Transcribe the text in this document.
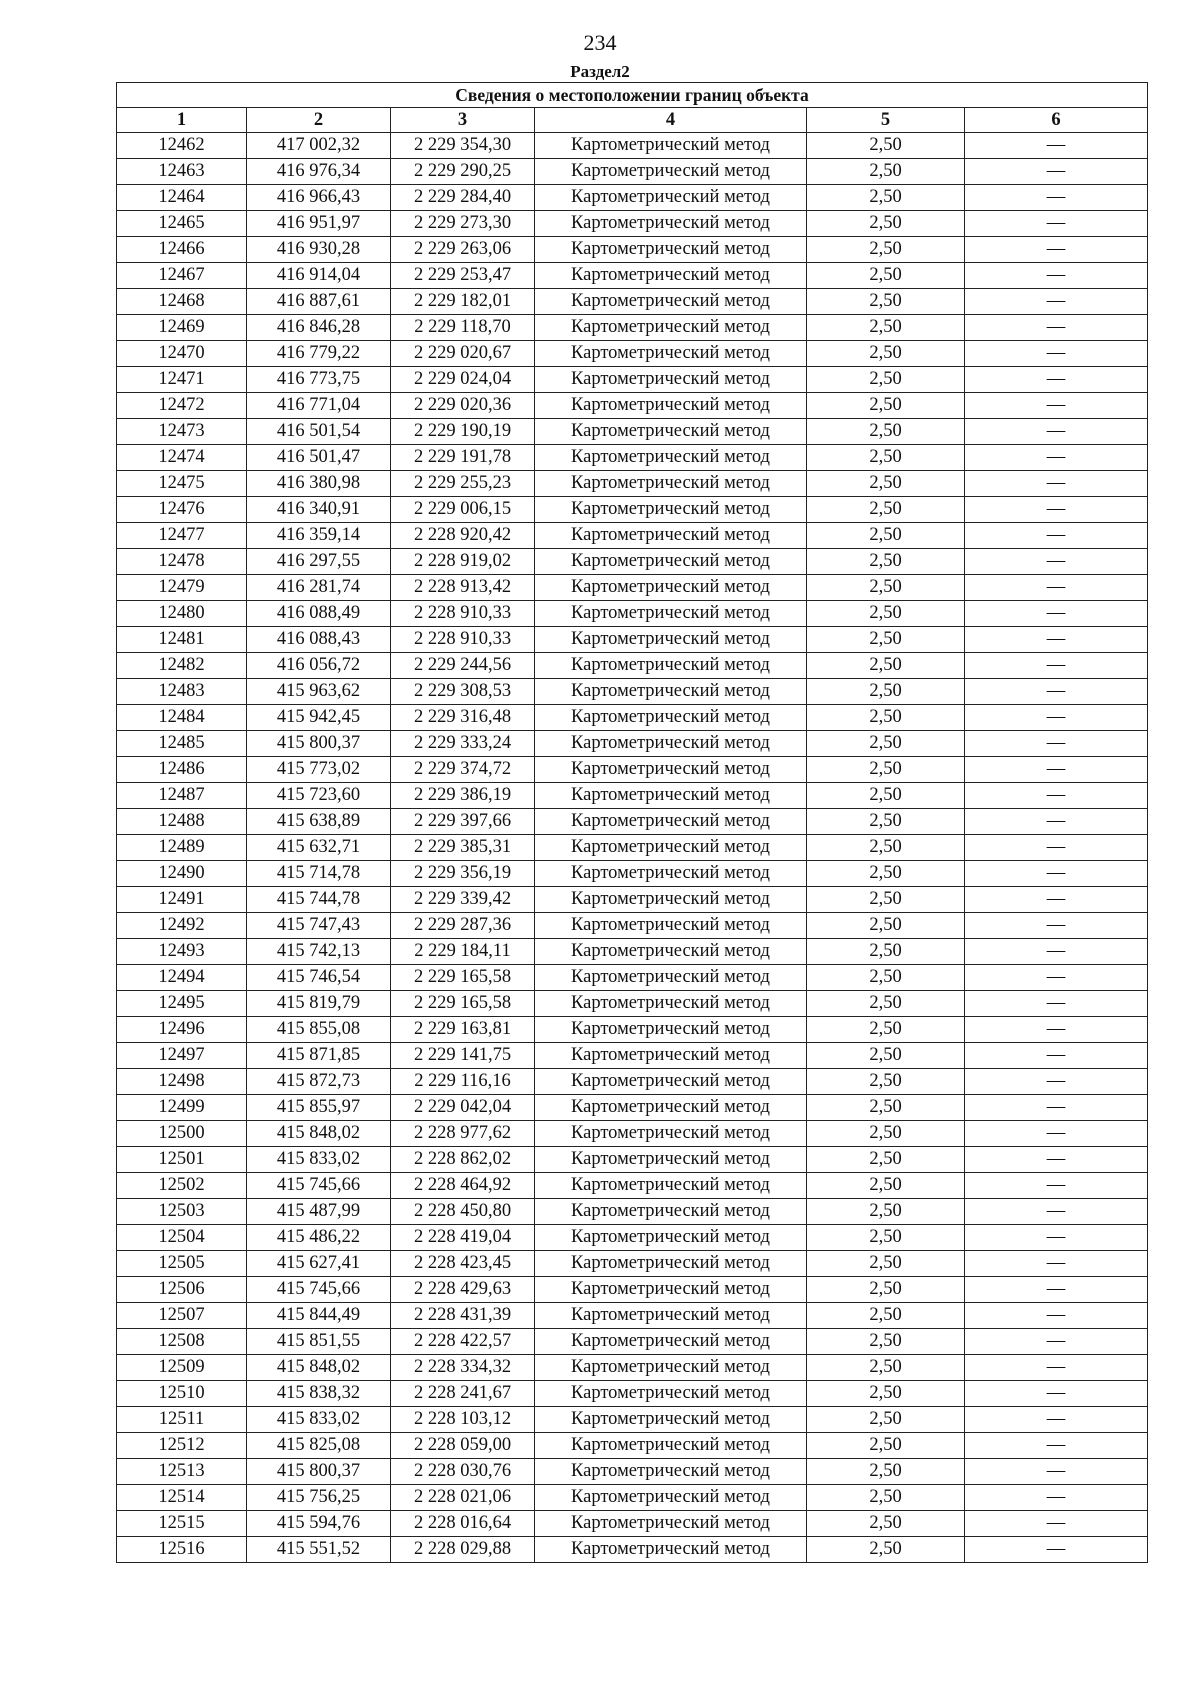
234
Раздел2
Сведения о местоположении границ объекта					
1	2	3	4	5	6
12462	417 002,32	2 229 354,30	Картометрический метод	2,50	—
12463	416 976,34	2 229 290,25	Картометрический метод	2,50	—
12464	416 966,43	2 229 284,40	Картометрический метод	2,50	—
12465	416 951,97	2 229 273,30	Картометрический метод	2,50	—
12466	416 930,28	2 229 263,06	Картометрический метод	2,50	—
12467	416 914,04	2 229 253,47	Картометрический метод	2,50	—
12468	416 887,61	2 229 182,01	Картометрический метод	2,50	—
12469	416 846,28	2 229 118,70	Картометрический метод	2,50	—
12470	416 779,22	2 229 020,67	Картометрический метод	2,50	—
12471	416 773,75	2 229 024,04	Картометрический метод	2,50	—
12472	416 771,04	2 229 020,36	Картометрический метод	2,50	—
12473	416 501,54	2 229 190,19	Картометрический метод	2,50	—
12474	416 501,47	2 229 191,78	Картометрический метод	2,50	—
12475	416 380,98	2 229 255,23	Картометрический метод	2,50	—
12476	416 340,91	2 229 006,15	Картометрический метод	2,50	—
12477	416 359,14	2 228 920,42	Картометрический метод	2,50	—
12478	416 297,55	2 228 919,02	Картометрический метод	2,50	—
12479	416 281,74	2 228 913,42	Картометрический метод	2,50	—
12480	416 088,49	2 228 910,33	Картометрический метод	2,50	—
12481	416 088,43	2 228 910,33	Картометрический метод	2,50	—
12482	416 056,72	2 229 244,56	Картометрический метод	2,50	—
12483	415 963,62	2 229 308,53	Картометрический метод	2,50	—
12484	415 942,45	2 229 316,48	Картометрический метод	2,50	—
12485	415 800,37	2 229 333,24	Картометрический метод	2,50	—
12486	415 773,02	2 229 374,72	Картометрический метод	2,50	—
12487	415 723,60	2 229 386,19	Картометрический метод	2,50	—
12488	415 638,89	2 229 397,66	Картометрический метод	2,50	—
12489	415 632,71	2 229 385,31	Картометрический метод	2,50	—
12490	415 714,78	2 229 356,19	Картометрический метод	2,50	—
12491	415 744,78	2 229 339,42	Картометрический метод	2,50	—
12492	415 747,43	2 229 287,36	Картометрический метод	2,50	—
12493	415 742,13	2 229 184,11	Картометрический метод	2,50	—
12494	415 746,54	2 229 165,58	Картометрический метод	2,50	—
12495	415 819,79	2 229 165,58	Картометрический метод	2,50	—
12496	415 855,08	2 229 163,81	Картометрический метод	2,50	—
12497	415 871,85	2 229 141,75	Картометрический метод	2,50	—
12498	415 872,73	2 229 116,16	Картометрический метод	2,50	—
12499	415 855,97	2 229 042,04	Картометрический метод	2,50	—
12500	415 848,02	2 228 977,62	Картометрический метод	2,50	—
12501	415 833,02	2 228 862,02	Картометрический метод	2,50	—
12502	415 745,66	2 228 464,92	Картометрический метод	2,50	—
12503	415 487,99	2 228 450,80	Картометрический метод	2,50	—
12504	415 486,22	2 228 419,04	Картометрический метод	2,50	—
12505	415 627,41	2 228 423,45	Картометрический метод	2,50	—
12506	415 745,66	2 228 429,63	Картометрический метод	2,50	—
12507	415 844,49	2 228 431,39	Картометрический метод	2,50	—
12508	415 851,55	2 228 422,57	Картометрический метод	2,50	—
12509	415 848,02	2 228 334,32	Картометрический метод	2,50	—
12510	415 838,32	2 228 241,67	Картометрический метод	2,50	—
12511	415 833,02	2 228 103,12	Картометрический метод	2,50	—
12512	415 825,08	2 228 059,00	Картометрический метод	2,50	—
12513	415 800,37	2 228 030,76	Картометрический метод	2,50	—
12514	415 756,25	2 228 021,06	Картометрический метод	2,50	—
12515	415 594,76	2 228 016,64	Картометрический метод	2,50	—
12516	415 551,52	2 228 029,88	Картометрический метод	2,50	—
